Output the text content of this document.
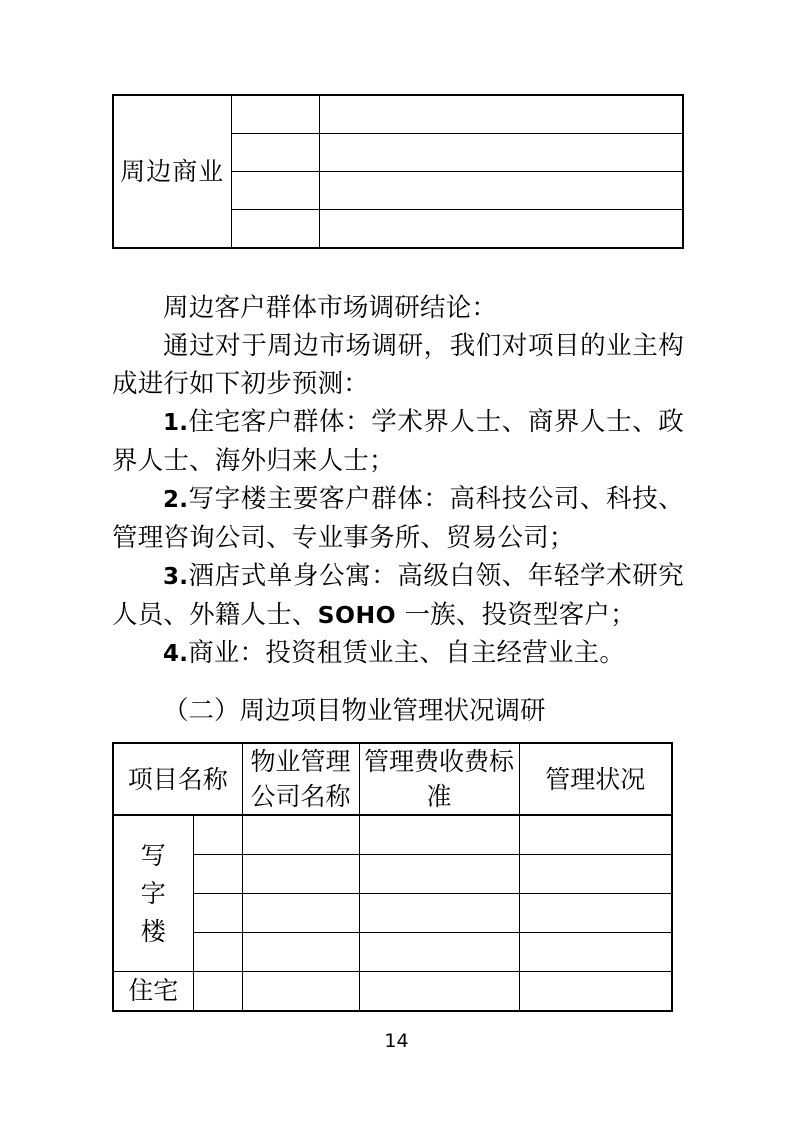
周边商业		

周边客户群体市场调研结论：

通过对于周边市场调研，我们对项目的业主构成进行如下初步预测：

1.住宅客户群体：学术界人士、商界人士、政界人士、海外归来人士；

2.写字楼主要客户群体：高科技公司、科技、管理咨询公司、专业事务所、贸易公司；

3.酒店式单身公寓：高级白领、年轻学术研究人员、外籍人士、SOHO 一族、投资型客户；

4.商业：投资租赁业主、自主经营业主。

（二）周边项目物业管理状况调研

项目名称		物业管理公司名称	管理费收费标准	管理状况

写
字
楼				

住宅				
14
